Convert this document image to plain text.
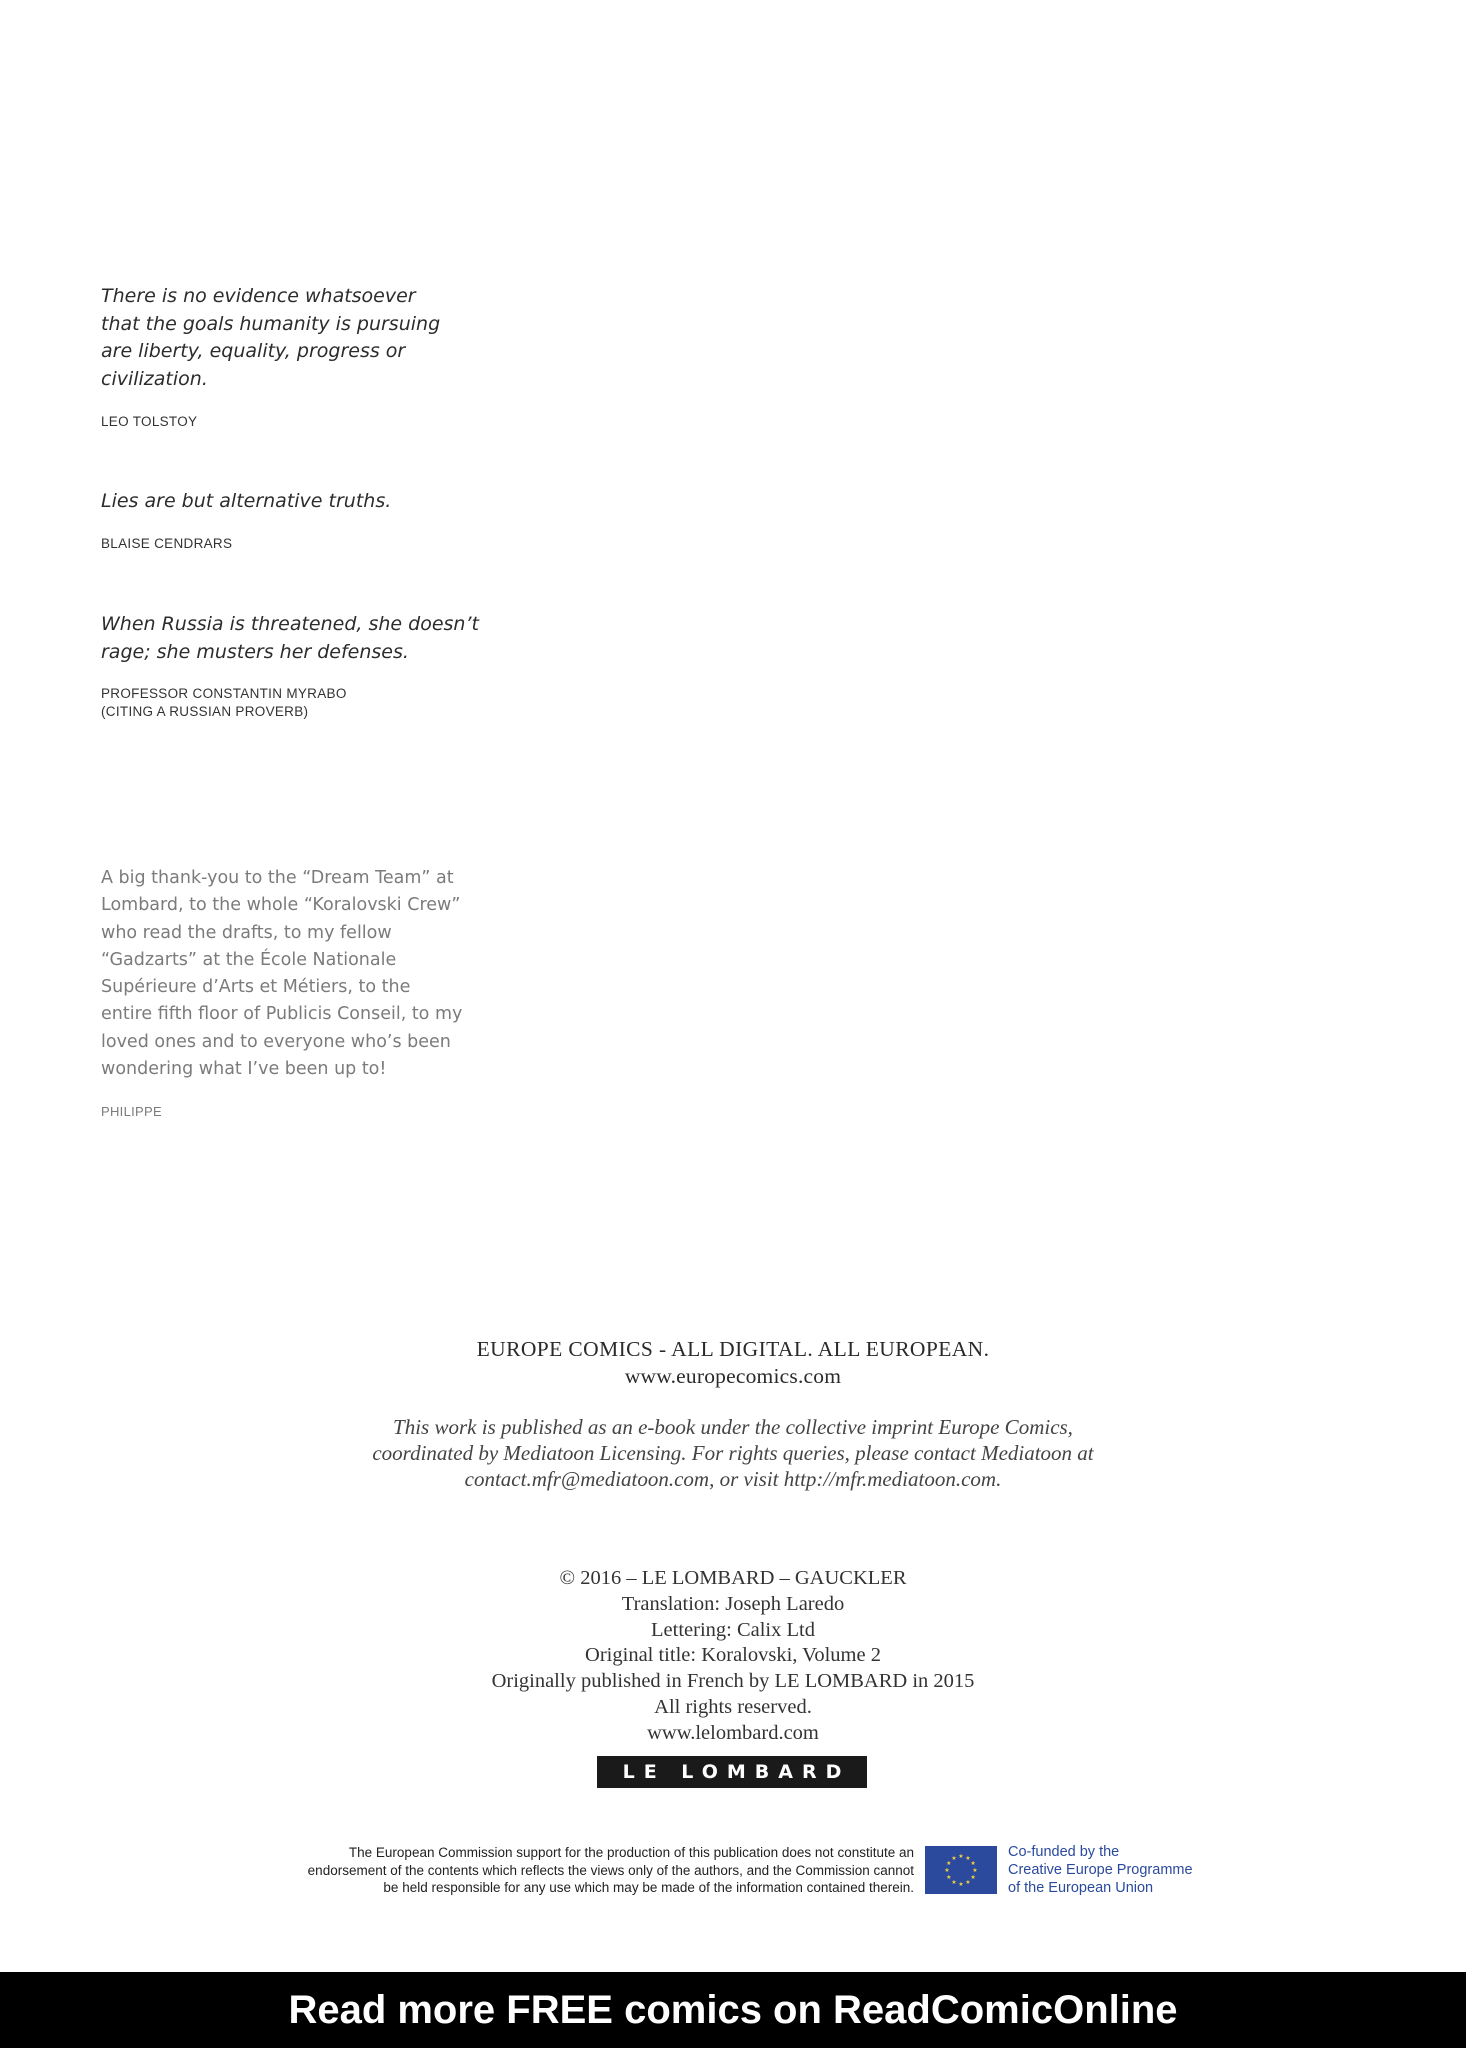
There is no evidence whatsoever
that the goals humanity is pursuing
are liberty, equality, progress or
civilization.

LEO TOLSTOY

Lies are but alternative truths.

BLAISE CENDRARS

When Russia is threatened, she doesn’t
rage; she musters her defenses.

PROFESSOR CONSTANTIN MYRABO
(CITING A RUSSIAN PROVERB)

A big thank-you to the “Dream Team” at
Lombard, to the whole “Koralovski Crew”
who read the drafts, to my fellow
“Gadzarts” at the École Nationale
Supérieure d’Arts et Métiers, to the
entire fifth floor of Publicis Conseil, to my
loved ones and to everyone who’s been
wondering what I’ve been up to!

PHILIPPE

EUROPE COMICS - ALL DIGITAL. ALL EUROPEAN.
www.europecomics.com
This work is published as an e-book under the collective imprint Europe Comics,
coordinated by Mediatoon Licensing. For rights queries, please contact Mediatoon at
contact.mfr@mediatoon.com, or visit http://mfr.mediatoon.com.
© 2016 – LE LOMBARD – GAUCKLER
Translation: Joseph Laredo
Lettering: Calix Ltd
Original title: Koralovski, Volume 2
Originally published in French by LE LOMBARD in 2015
All rights reserved.
www.lelombard.com
LE LOMBARD

The European Commission support for the production of this publication does not constitute an
endorsement of the contents which reflects the views only of the authors, and the Commission cannot
be held responsible for any use which may be made of the information contained therein.

★ ★
★
★
★
★
★
★
★
★
★
★	Co-funded by the
Creative Europe Programme
of the European Union

Read more FREE comics on ReadComicOnline
